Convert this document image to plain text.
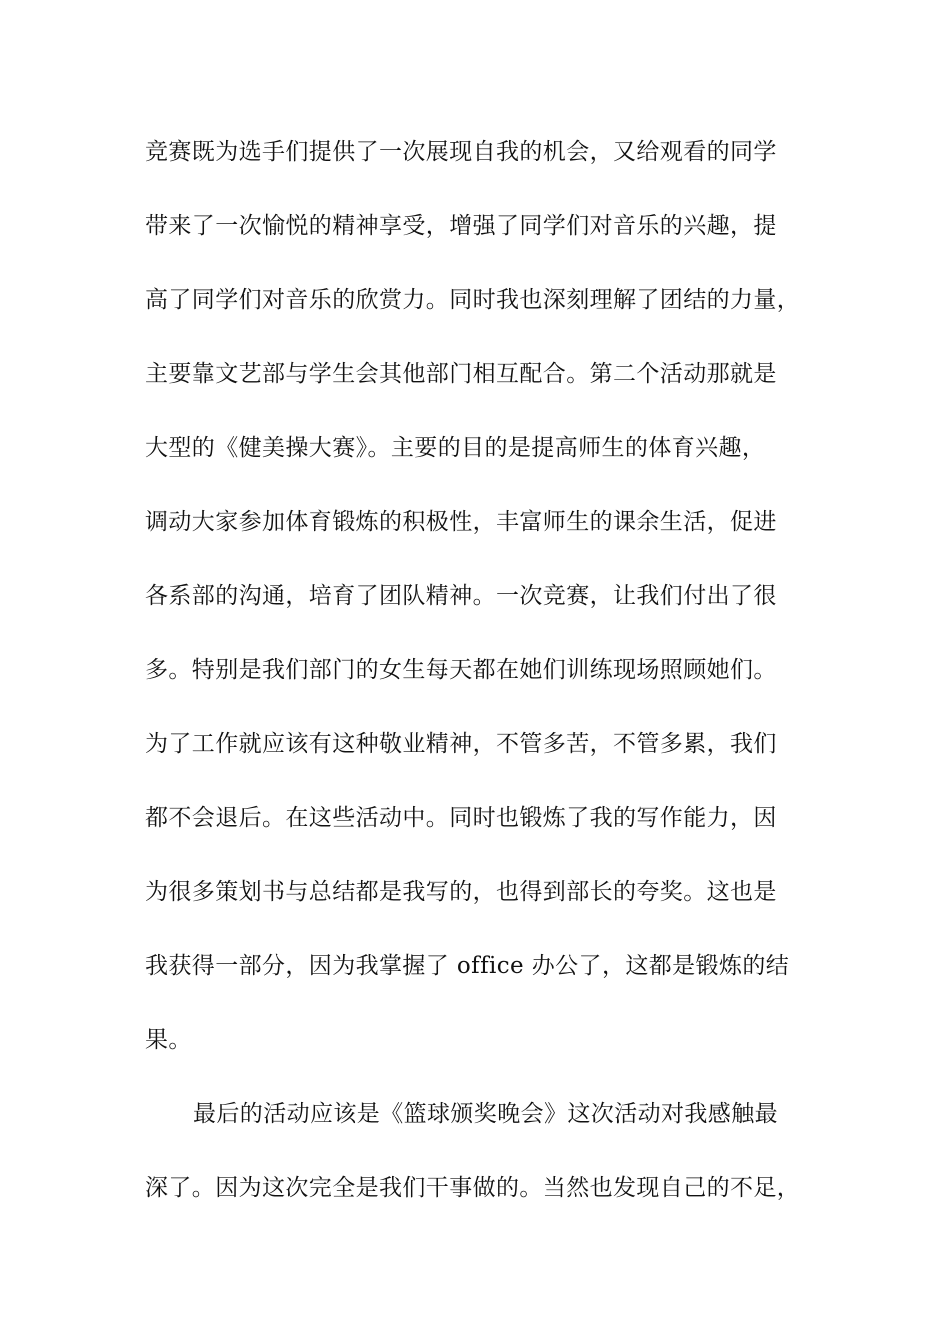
竞赛既为选手们提供了一次展现自我的机会，又给观看的同学
带来了一次愉悦的精神享受，增强了同学们对音乐的兴趣，提
高了同学们对音乐的欣赏力。同时我也深刻理解了团结的力量，
主要靠文艺部与学生会其他部门相互配合。第二个活动那就是
大型的《健美操大赛》。主要的目的是提高师生的体育兴趣，
调动大家参加体育锻炼的积极性，丰富师生的课余生活，促进
各系部的沟通，培育了团队精神。一次竞赛，让我们付出了很
多。特别是我们部门的女生每天都在她们训练现场照顾她们。
为了工作就应该有这种敬业精神，不管多苦，不管多累，我们
都不会退后。在这些活动中。同时也锻炼了我的写作能力，因
为很多策划书与总结都是我写的，也得到部长的夸奖。这也是
我获得一部分，因为我掌握了 office 办公了，这都是锻炼的结
果。
最后的活动应该是《篮球颁奖晚会》这次活动对我感触最
深了。因为这次完全是我们干事做的。当然也发现自己的不足，
